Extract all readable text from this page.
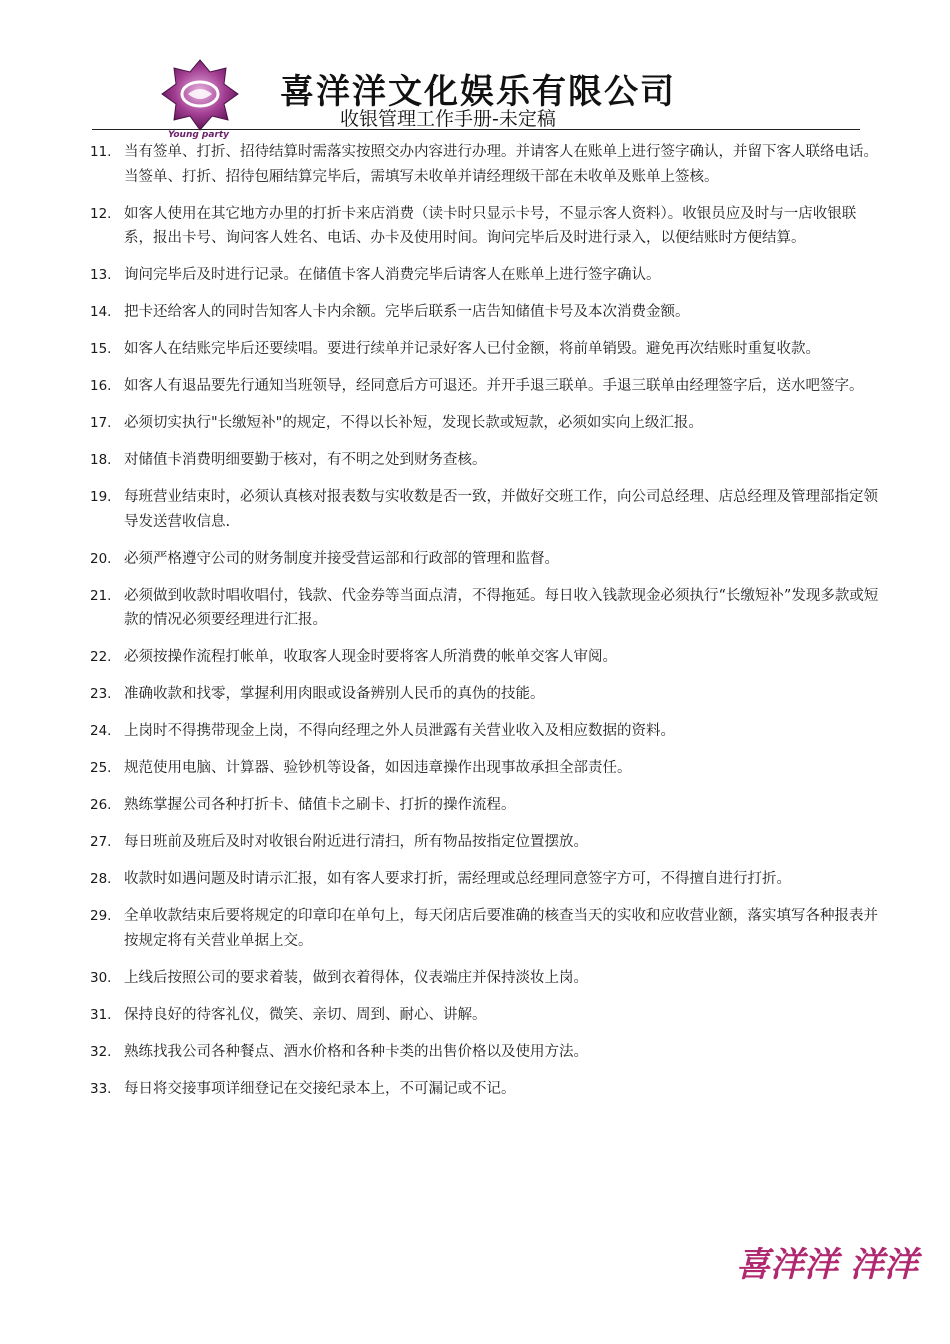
Young party
喜洋洋文化娱乐有限公司
收银管理工作手册-未定稿
11. 当有签单、打折、招待结算时需落实按照交办内容进行办理。并请客人在账单上进行签字确认，并留下客人联络电话。当签单、打折、招待包厢结算完毕后，需填写未收单并请经理级干部在未收单及账单上签核。
12. 如客人使用在其它地方办里的打折卡来店消费（读卡时只显示卡号，不显示客人资料）。收银员应及时与一店收银联系，报出卡号、询问客人姓名、电话、办卡及使用时间。询问完毕后及时进行录入，以便结账时方便结算。
13. 询问完毕后及时进行记录。在储值卡客人消费完毕后请客人在账单上进行签字确认。
14. 把卡还给客人的同时告知客人卡内余额。完毕后联系一店告知储值卡号及本次消费金额。
15. 如客人在结账完毕后还要续唱。要进行续单并记录好客人已付金额，将前单销毁。避免再次结账时重复收款。
16. 如客人有退品要先行通知当班领导，经同意后方可退还。并开手退三联单。手退三联单由经理签字后，送水吧签字。
17. 必须切实执行"长缴短补"的规定，不得以长补短，发现长款或短款，必须如实向上级汇报。
18. 对储值卡消费明细要勤于核对，有不明之处到财务查核。
19. 每班营业结束时，必须认真核对报表数与实收数是否一致，并做好交班工作，向公司总经理、店总经理及管理部指定领导发送营收信息.
20. 必须严格遵守公司的财务制度并接受营运部和行政部的管理和监督。
21. 必须做到收款时唱收唱付，钱款、代金券等当面点清，不得拖延。每日收入钱款现金必须执行“长缴短补”发现多款或短款的情况必须要经理进行汇报。
22. 必须按操作流程打帐单，收取客人现金时要将客人所消费的帐单交客人审阅。
23. 准确收款和找零，掌握利用肉眼或设备辨别人民币的真伪的技能。
24. 上岗时不得携带现金上岗，不得向经理之外人员泄露有关营业收入及相应数据的资料。
25. 规范使用电脑、计算器、验钞机等设备，如因违章操作出现事故承担全部责任。
26. 熟练掌握公司各种打折卡、储值卡之刷卡、打折的操作流程。
27. 每日班前及班后及时对收银台附近进行清扫，所有物品按指定位置摆放。
28. 收款时如遇问题及时请示汇报，如有客人要求打折，需经理或总经理同意签字方可，不得擅自进行打折。
29. 全单收款结束后要将规定的印章印在单句上，每天闭店后要准确的核查当天的实收和应收营业额，落实填写各种报表并按规定将有关营业单据上交。
30. 上线后按照公司的要求着装，做到衣着得体，仪表端庄并保持淡妆上岗。
31. 保持良好的待客礼仪，微笑、亲切、周到、耐心、讲解。
32. 熟练找我公司各种餐点、酒水价格和各种卡类的出售价格以及使用方法。
33. 每日将交接事项详细登记在交接纪录本上，不可漏记或不记。
喜洋洋 洋洋
